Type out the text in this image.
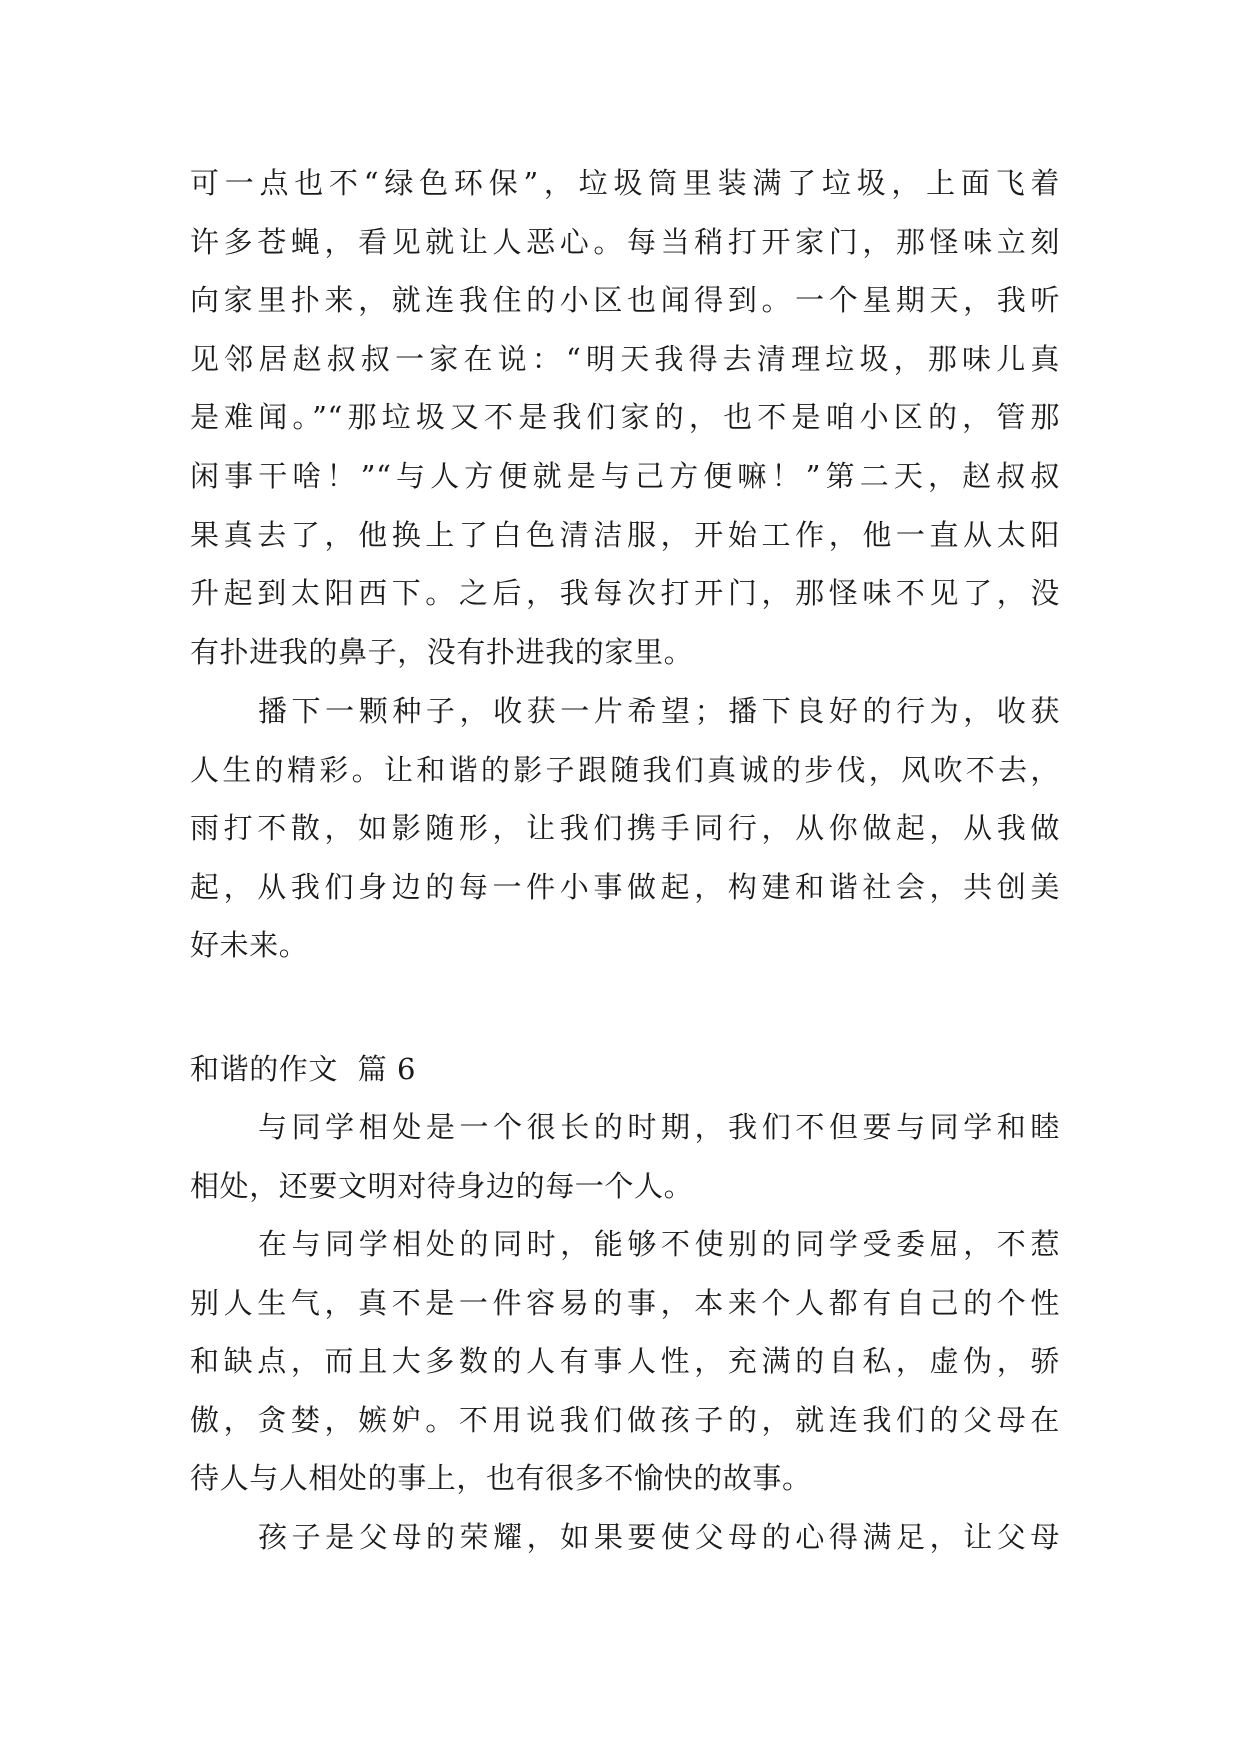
可一点也不“绿色环保”，垃圾筒里装满了垃圾，上面飞着
许多苍蝇，看见就让人恶心。每当稍打开家门，那怪味立刻
向家里扑来，就连我住的小区也闻得到。一个星期天，我听
见邻居赵叔叔一家在说：“明天我得去清理垃圾，那味儿真
是难闻。”“那垃圾又不是我们家的，也不是咱小区的，管那
闲事干啥！”“与人方便就是与己方便嘛！”第二天，赵叔叔
果真去了，他换上了白色清洁服，开始工作，他一直从太阳
升起到太阳西下。之后，我每次打开门，那怪味不见了，没
有扑进我的鼻子，没有扑进我的家里。
播下一颗种子，收获一片希望；播下良好的行为，收获
人生的精彩。让和谐的影子跟随我们真诚的步伐，风吹不去，
雨打不散，如影随形，让我们携手同行，从你做起，从我做
起，从我们身边的每一件小事做起，构建和谐社会，共创美
好未来。
和谐的作文  篇 6
与同学相处是一个很长的时期，我们不但要与同学和睦
相处，还要文明对待身边的每一个人。
在与同学相处的同时，能够不使别的同学受委屈，不惹
别人生气，真不是一件容易的事，本来个人都有自己的个性
和缺点，而且大多数的人有事人性，充满的自私，虚伪，骄
傲，贪婪，嫉妒。不用说我们做孩子的，就连我们的父母在
待人与人相处的事上，也有很多不愉快的故事。
孩子是父母的荣耀，如果要使父母的心得满足，让父母
